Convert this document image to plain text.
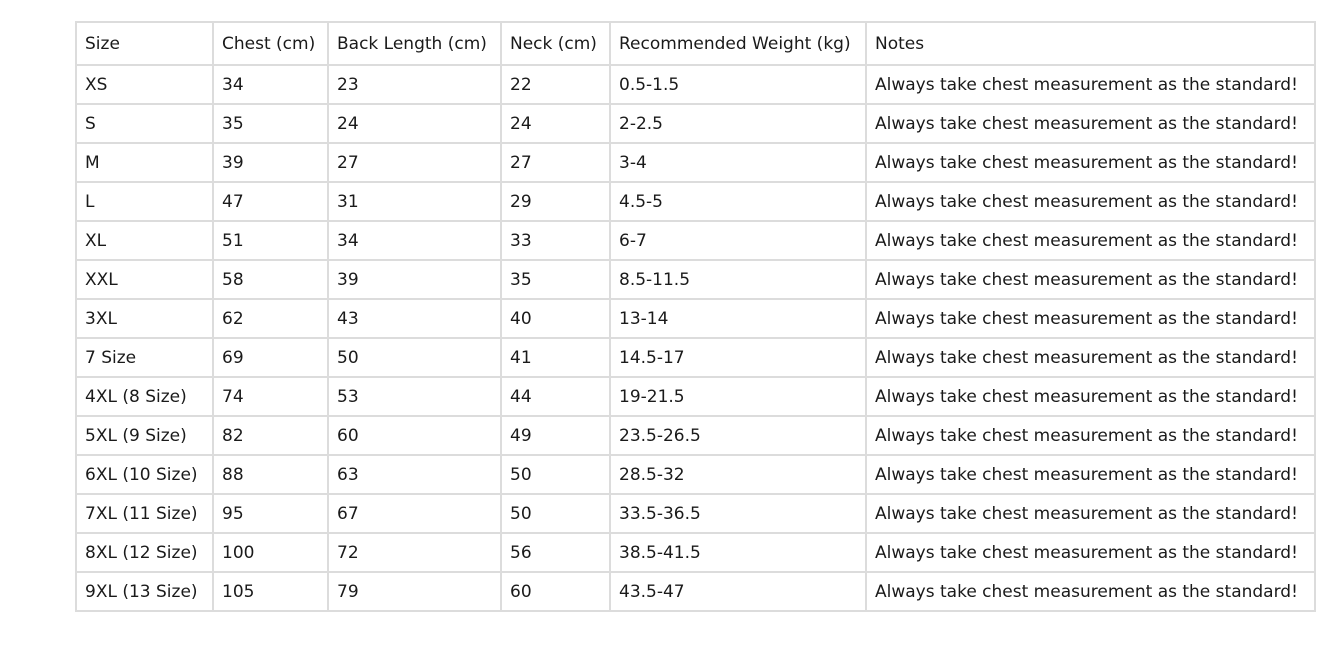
Size	Chest (cm)	Back Length (cm)	Neck (cm)	Recommended Weight (kg)	Notes
XS	34	23	22	0.5-1.5	Always take chest measurement as the standard!
S	35	24	24	2-2.5	Always take chest measurement as the standard!
M	39	27	27	3-4	Always take chest measurement as the standard!
L	47	31	29	4.5-5	Always take chest measurement as the standard!
XL	51	34	33	6-7	Always take chest measurement as the standard!
XXL	58	39	35	8.5-11.5	Always take chest measurement as the standard!
3XL	62	43	40	13-14	Always take chest measurement as the standard!
7 Size	69	50	41	14.5-17	Always take chest measurement as the standard!
4XL (8 Size)	74	53	44	19-21.5	Always take chest measurement as the standard!
5XL (9 Size)	82	60	49	23.5-26.5	Always take chest measurement as the standard!
6XL (10 Size)	88	63	50	28.5-32	Always take chest measurement as the standard!
7XL (11 Size)	95	67	50	33.5-36.5	Always take chest measurement as the standard!
8XL (12 Size)	100	72	56	38.5-41.5	Always take chest measurement as the standard!
9XL (13 Size)	105	79	60	43.5-47	Always take chest measurement as the standard!
